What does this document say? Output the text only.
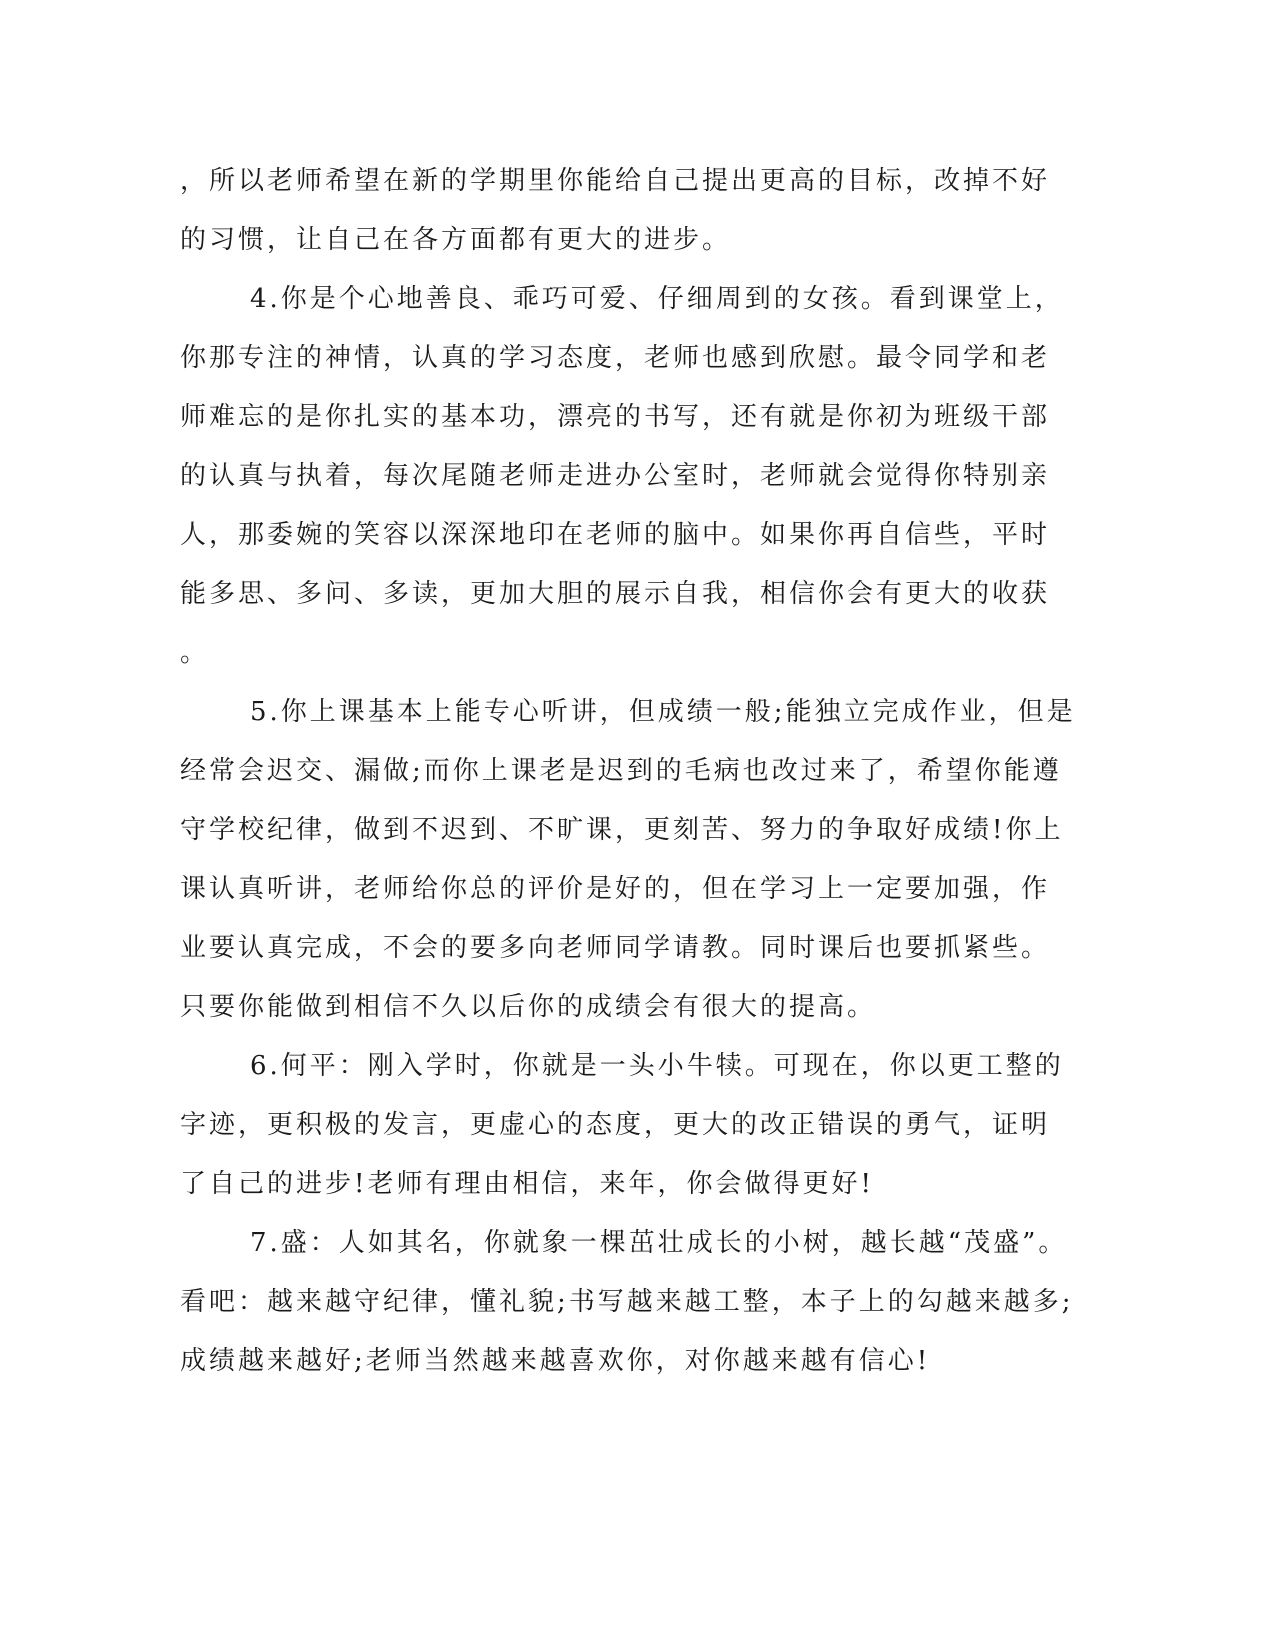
，所以老师希望在新的学期里你能给自己提出更高的目标，改掉不好

的习惯，让自己在各方面都有更大的进步。

4.你是个心地善良、乖巧可爱、仔细周到的女孩。看到课堂上，

你那专注的神情，认真的学习态度，老师也感到欣慰。最令同学和老

师难忘的是你扎实的基本功，漂亮的书写，还有就是你初为班级干部

的认真与执着，每次尾随老师走进办公室时，老师就会觉得你特别亲

人，那委婉的笑容以深深地印在老师的脑中。如果你再自信些，平时

能多思、多问、多读，更加大胆的展示自我，相信你会有更大的收获

。

5.你上课基本上能专心听讲，但成绩一般;能独立完成作业，但是

经常会迟交、漏做;而你上课老是迟到的毛病也改过来了，希望你能遵

守学校纪律，做到不迟到、不旷课，更刻苦、努力的争取好成绩!你上

课认真听讲，老师给你总的评价是好的，但在学习上一定要加强，作

业要认真完成，不会的要多向老师同学请教。同时课后也要抓紧些。

只要你能做到相信不久以后你的成绩会有很大的提高。

6.何平：刚入学时，你就是一头小牛犊。可现在，你以更工整的

字迹，更积极的发言，更虚心的态度，更大的改正错误的勇气，证明

了自己的进步!老师有理由相信，来年，你会做得更好!

7.盛：人如其名，你就象一棵茁壮成长的小树，越长越“茂盛”。

看吧：越来越守纪律，懂礼貌;书写越来越工整，本子上的勾越来越多;

成绩越来越好;老师当然越来越喜欢你，对你越来越有信心!
